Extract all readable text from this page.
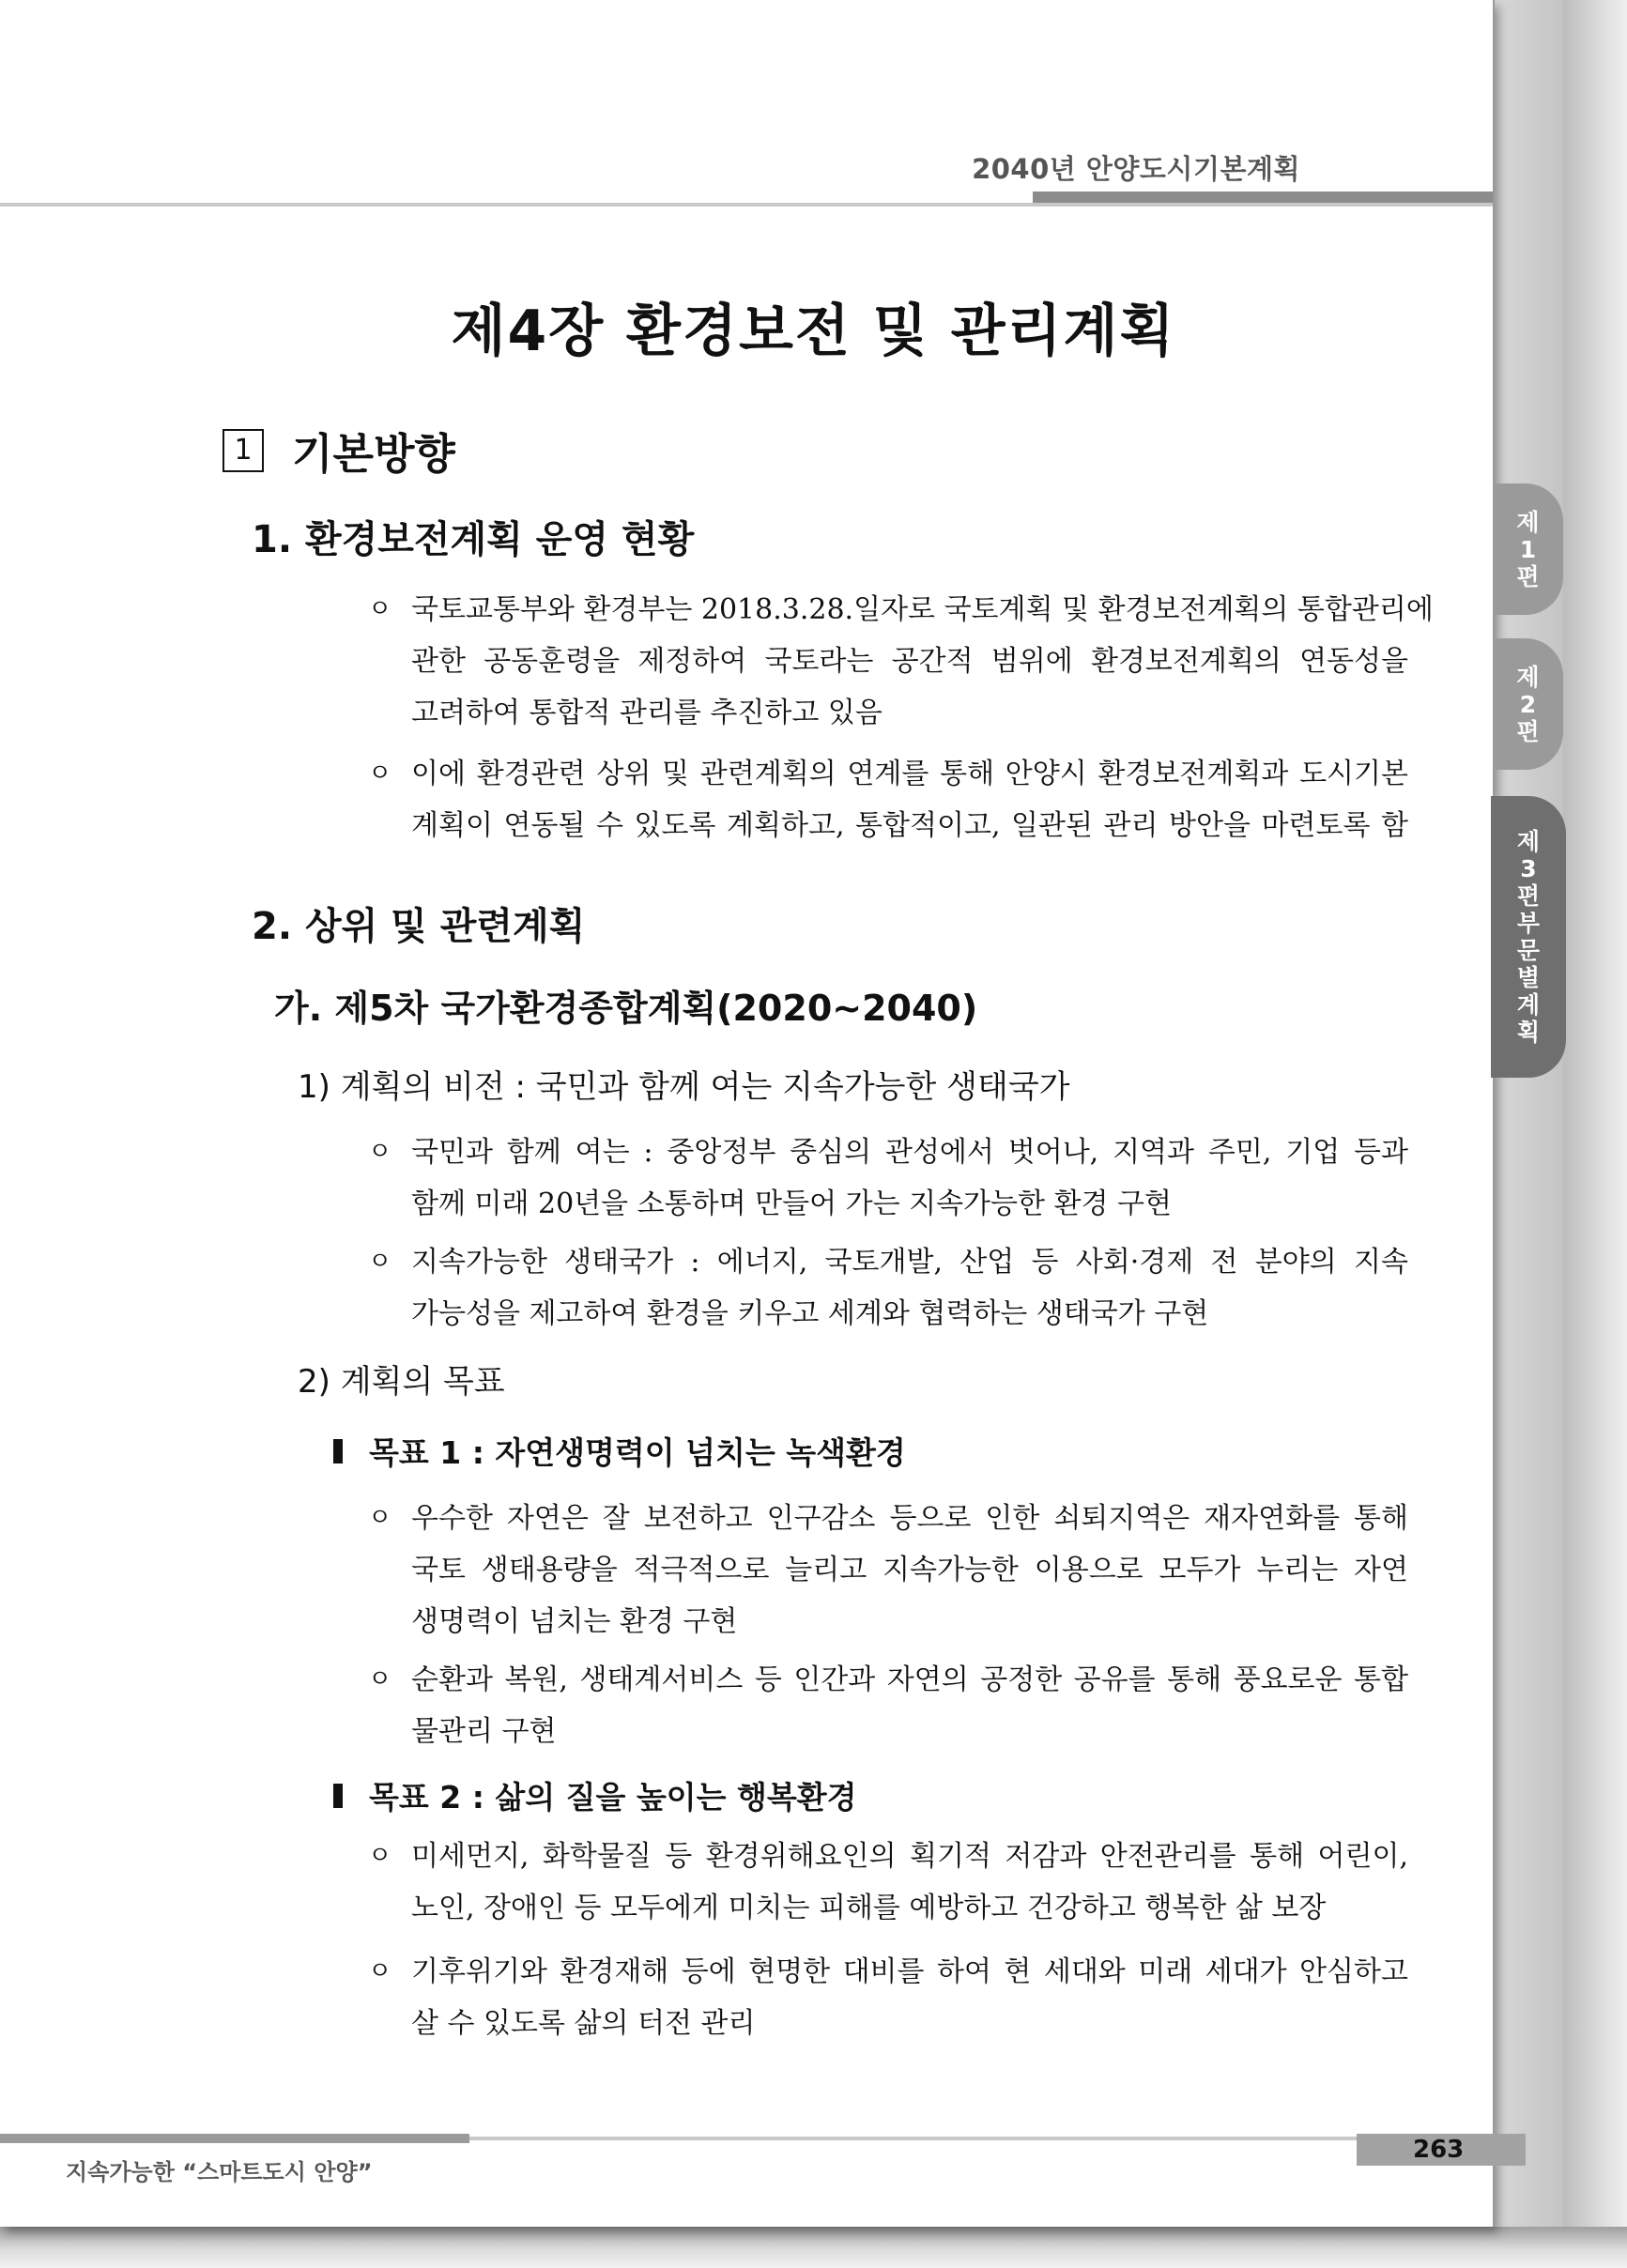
2040년 안양도시기본계획
제4장 환경보전 및 관리계획
1 기본방향
1. 환경보전계획 운영 현황
ㅇ 국토교통부와 환경부는 2018.3.28.일자로 국토계획 및 환경보전계획의 통합관리에
관한 공동훈령을 제정하여 국토라는 공간적 범위에 환경보전계획의 연동성을
고려하여 통합적 관리를 추진하고 있음
ㅇ 이에 환경관련 상위 및 관련계획의 연계를 통해 안양시 환경보전계획과 도시기본
계획이 연동될 수 있도록 계획하고, 통합적이고, 일관된 관리 방안을 마련토록 함
2. 상위 및 관련계획
가. 제5차 국가환경종합계획(2020~2040)
1) 계획의 비전 : 국민과 함께 여는 지속가능한 생태국가
ㅇ 국민과 함께 여는 : 중앙정부 중심의 관성에서 벗어나, 지역과 주민, 기업 등과
함께 미래 20년을 소통하며 만들어 가는 지속가능한 환경 구현
ㅇ 지속가능한 생태국가 : 에너지, 국토개발, 산업 등 사회·경제 전 분야의 지속
가능성을 제고하여 환경을 키우고 세계와 협력하는 생태국가 구현
2) 계획의 목표
목표 1 : 자연생명력이 넘치는 녹색환경
ㅇ 우수한 자연은 잘 보전하고 인구감소 등으로 인한 쇠퇴지역은 재자연화를 통해
국토 생태용량을 적극적으로 늘리고 지속가능한 이용으로 모두가 누리는 자연
생명력이 넘치는 환경 구현
ㅇ 순환과 복원, 생태계서비스 등 인간과 자연의 공정한 공유를 통해 풍요로운 통합
물관리 구현
목표 2 : 삶의 질을 높이는 행복환경
ㅇ 미세먼지, 화학물질 등 환경위해요인의 획기적 저감과 안전관리를 통해 어린이,
노인, 장애인 등 모두에게 미치는 피해를 예방하고 건강하고 행복한 삶 보장
ㅇ 기후위기와 환경재해 등에 현명한 대비를 하여 현 세대와 미래 세대가 안심하고
살 수 있도록 삶의 터전 관리
지속가능한 “스마트도시 안양”
263
제
1
편
제
2
편
제
3
편
부
문
별
계
획
